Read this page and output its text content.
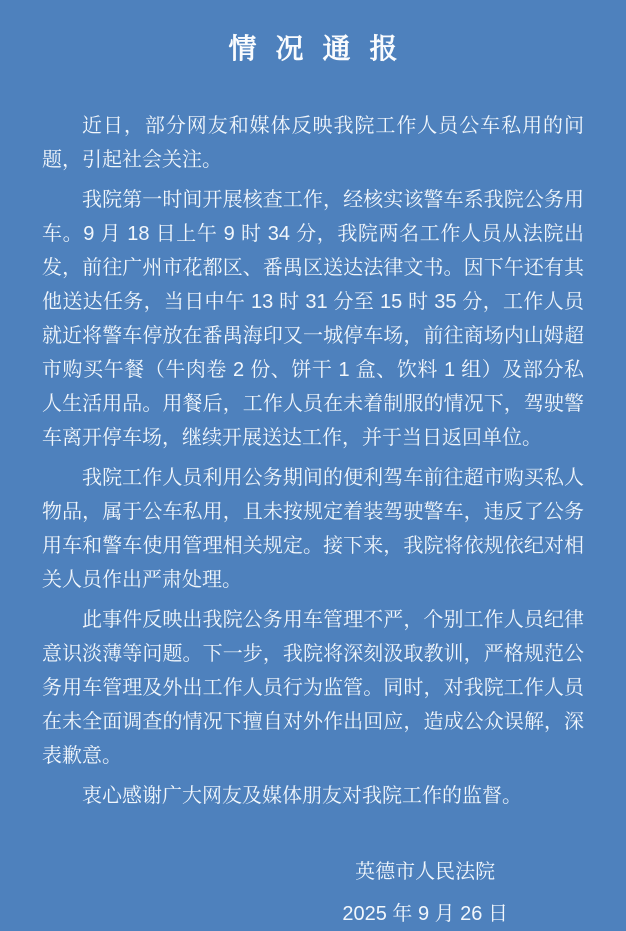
情 况 通 报

近日，部分网友和媒体反映我院工作人员公车私用的问题，引起社会关注。

我院第一时间开展核查工作，经核实该警车系我院公务用车。9 月 18 日上午 9 时 34 分，我院两名工作人员从法院出发，前往广州市花都区、番禺区送达法律文书。因下午还有其他送达任务，当日中午 13 时 31 分至 15 时 35 分，工作人员就近将警车停放在番禺海印又一城停车场，前往商场内山姆超市购买午餐（牛肉卷 2 份、饼干 1 盒、饮料 1 组）及部分私人生活用品。用餐后，工作人员在未着制服的情况下，驾驶警车离开停车场，继续开展送达工作，并于当日返回单位。

我院工作人员利用公务期间的便利驾车前往超市购买私人物品，属于公车私用，且未按规定着装驾驶警车，违反了公务用车和警车使用管理相关规定。接下来，我院将依规依纪对相关人员作出严肃处理。

此事件反映出我院公务用车管理不严，个别工作人员纪律意识淡薄等问题。下一步，我院将深刻汲取教训，严格规范公务用车管理及外出工作人员行为监管。同时，对我院工作人员在未全面调查的情况下擅自对外作出回应，造成公众误解，深表歉意。

衷心感谢广大网友及媒体朋友对我院工作的监督。

英德市人民法院
2025 年 9 月 26 日
